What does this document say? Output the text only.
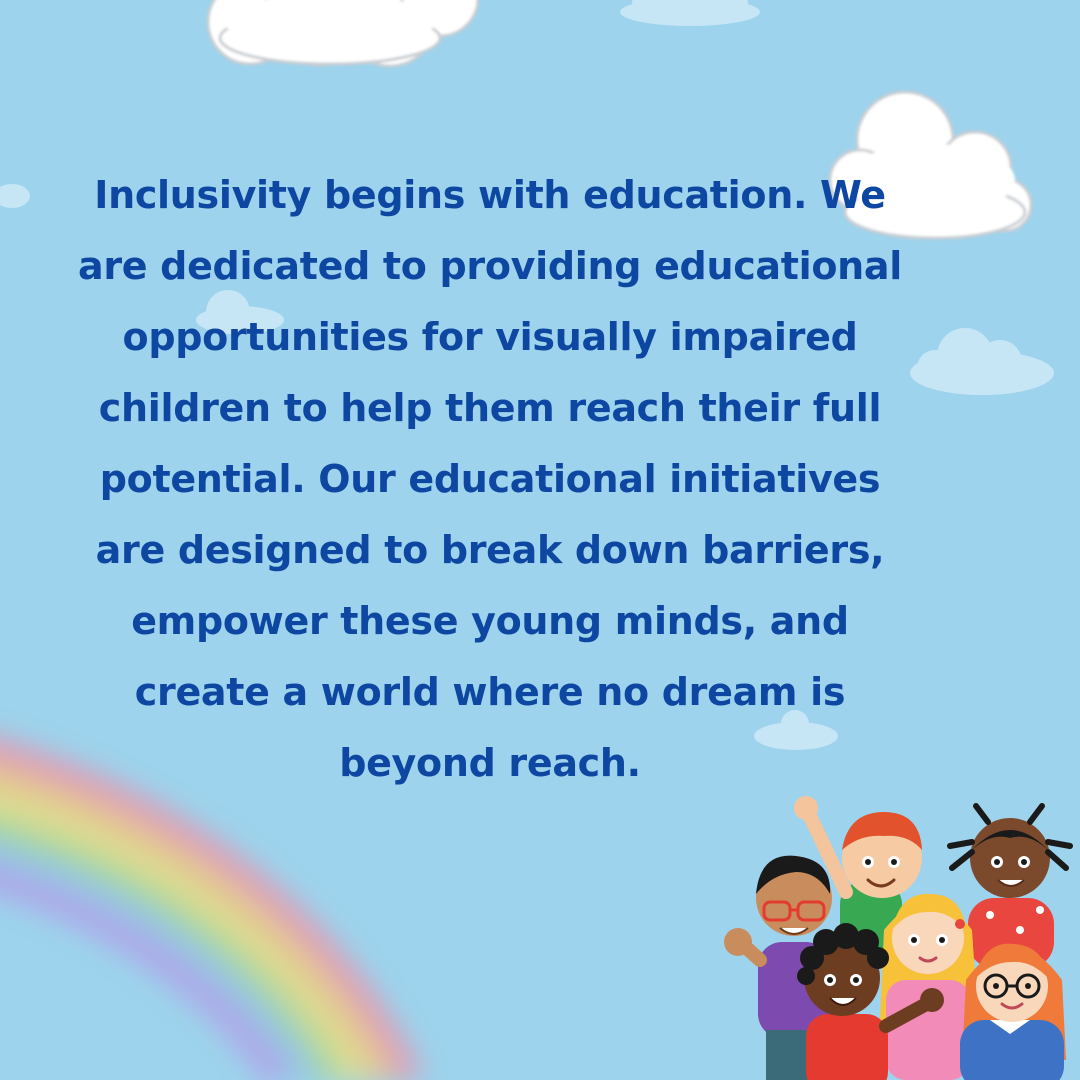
Inclusivity begins with education. We are dedicated to providing educational opportunities for visually impaired children to help them reach their full potential. Our educational initiatives are designed to break down barriers, empower these young minds, and create a world where no dream is beyond reach.
